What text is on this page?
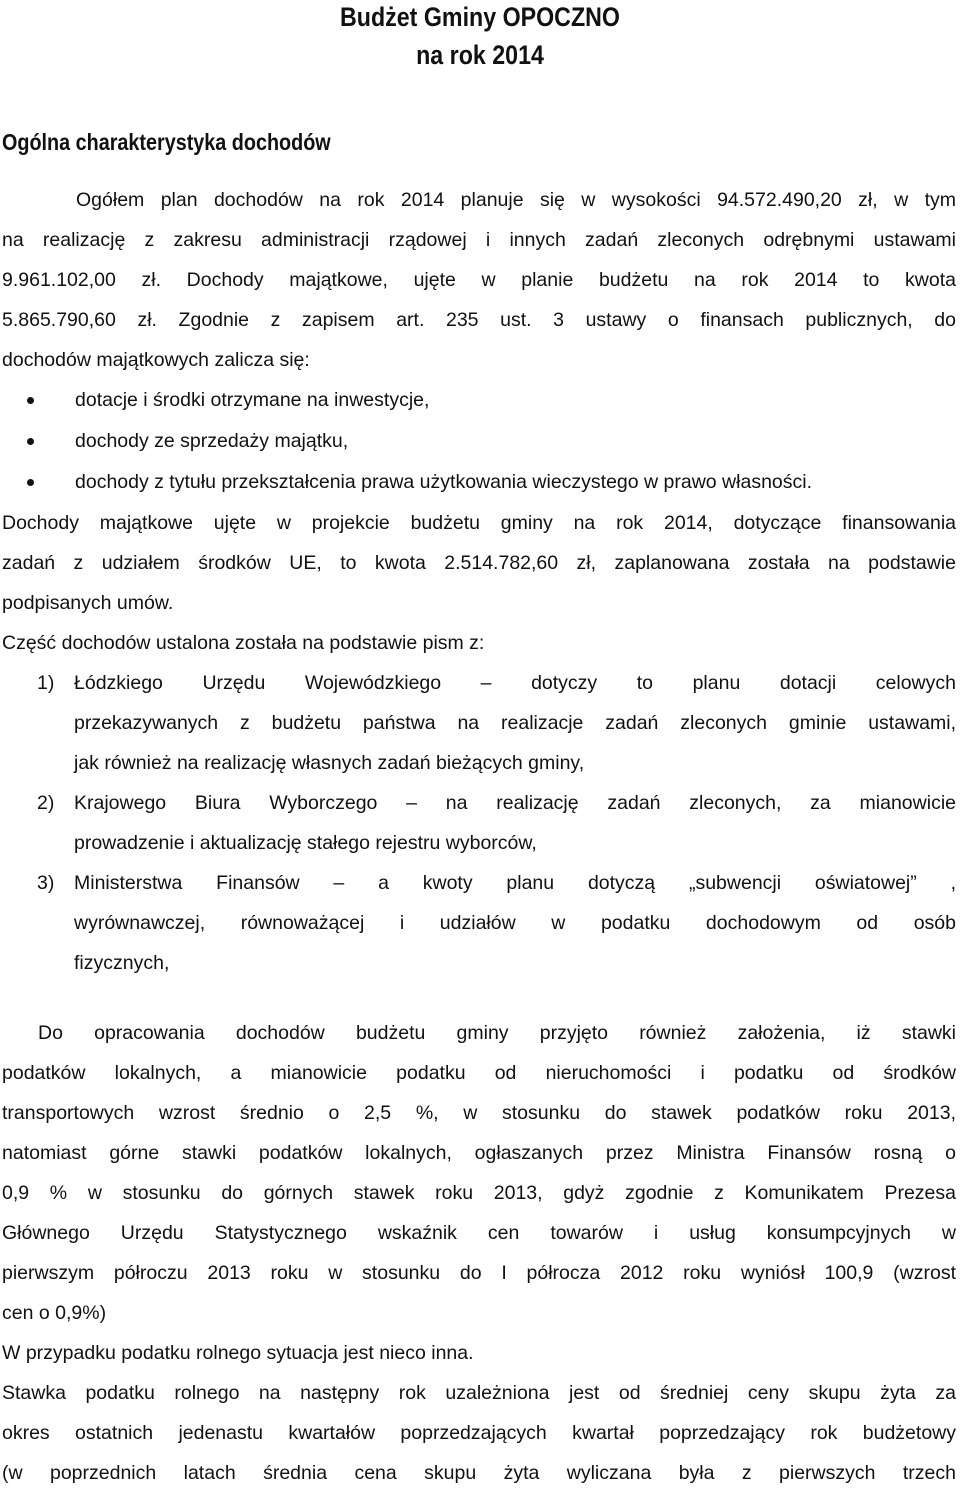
Budżet Gminy OPOCZNO

na rok 2014

Ogólna charakterystyka dochodów

Ogółem plan dochodów na rok 2014 planuje się w wysokości 94.572.490,20 zł, w tym

na realizację z zakresu administracji rządowej i innych zadań zleconych odrębnymi ustawami

9.961.102,00 zł. Dochody majątkowe, ujęte w planie budżetu na rok 2014 to kwota

5.865.790,60 zł. Zgodnie z zapisem art. 235 ust. 3 ustawy o finansach publicznych, do

dochodów majątkowych zalicza się:

dotacje i środki otrzymane na inwestycje,
dochody ze sprzedaży majątku,
dochody z tytułu przekształcenia prawa użytkowania wieczystego w prawo własności.

Dochody majątkowe ujęte w projekcie budżetu gminy na rok 2014, dotyczące finansowania

zadań z udziałem środków UE, to kwota 2.514.782,60 zł, zaplanowana została na podstawie

podpisanych umów.

Część dochodów ustalona została na podstawie pism z:

1) Łódzkiego Urzędu Wojewódzkiego – dotyczy to planu dotacji celowych

przekazywanych z budżetu państwa na realizacje zadań zleconych gminie ustawami,

jak również na realizację własnych zadań bieżących gminy,

2) Krajowego Biura Wyborczego – na realizację zadań zleconych, za mianowicie

prowadzenie i aktualizację stałego rejestru wyborców,

3) Ministerstwa Finansów – a kwoty planu dotyczą „subwencji oświatowej” ,

wyrównawczej, równoważącej i udziałów w podatku dochodowym od osób

fizycznych,

Do opracowania dochodów budżetu gminy przyjęto również założenia, iż stawki

podatków lokalnych, a mianowicie podatku od nieruchomości i podatku od środków

transportowych wzrost średnio o 2,5 %, w stosunku do stawek podatków roku 2013,

natomiast górne stawki podatków lokalnych, ogłaszanych przez Ministra Finansów rosną o

0,9 % w stosunku do górnych stawek roku 2013, gdyż zgodnie z Komunikatem Prezesa

Głównego Urzędu Statystycznego wskaźnik cen towarów i usług konsumpcyjnych w

pierwszym półroczu 2013 roku w stosunku do I półrocza 2012 roku wyniósł 100,9 (wzrost

cen o 0,9%)

W przypadku podatku rolnego sytuacja jest nieco inna.

Stawka podatku rolnego na następny rok uzależniona jest od średniej ceny skupu żyta za

okres ostatnich jedenastu kwartałów poprzedzających kwartał poprzedzający rok budżetowy

(w poprzednich latach średnia cena skupu żyta wyliczana była z pierwszych trzech
